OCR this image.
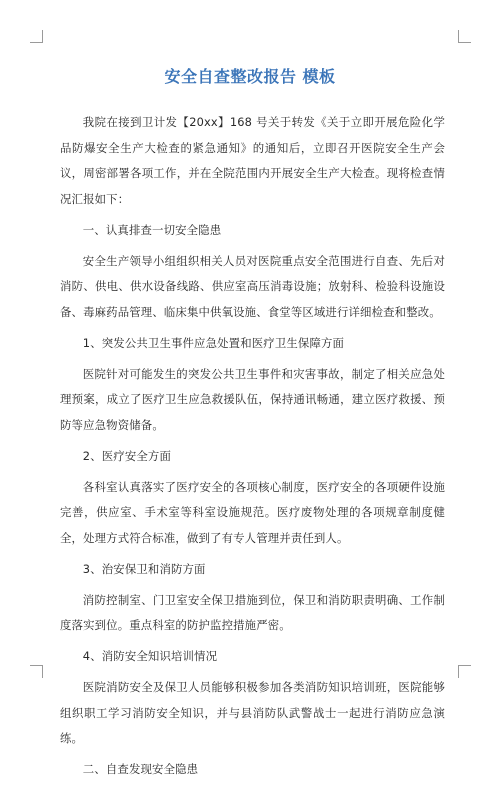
安全自查整改报告 模板
我院在接到卫计发【20xx】168 号关于转发《关于立即开展危险化学品防爆安全生产大检查的紧急通知》的通知后，立即召开医院安全生产会议，周密部署各项工作，并在全院范围内开展安全生产大检查。现将检查情况汇报如下：
一、认真排查一切安全隐患
安全生产领导小组组织相关人员对医院重点安全范围进行自查、先后对消防、供电、供水设备线路、供应室高压消毒设施；放射科、检验科设施设备、毒麻药品管理、临床集中供氧设施、食堂等区域进行详细检查和整改。
1、突发公共卫生事件应急处置和医疗卫生保障方面
医院针对可能发生的突发公共卫生事件和灾害事故，制定了相关应急处理预案，成立了医疗卫生应急救援队伍，保持通讯畅通，建立医疗救援、预防等应急物资储备。
2、医疗安全方面
各科室认真落实了医疗安全的各项核心制度，医疗安全的各项硬件设施完善，供应室、手术室等科室设施规范。医疗废物处理的各项规章制度健全，处理方式符合标准，做到了有专人管理并责任到人。
3、治安保卫和消防方面
消防控制室、门卫室安全保卫措施到位，保卫和消防职责明确、工作制度落实到位。重点科室的防护监控措施严密。
4、消防安全知识培训情况
医院消防安全及保卫人员能够积极参加各类消防知识培训班，医院能够组织职工学习消防安全知识，并与县消防队武警战士一起进行消防应急演练。
二、自查发现安全隐患
